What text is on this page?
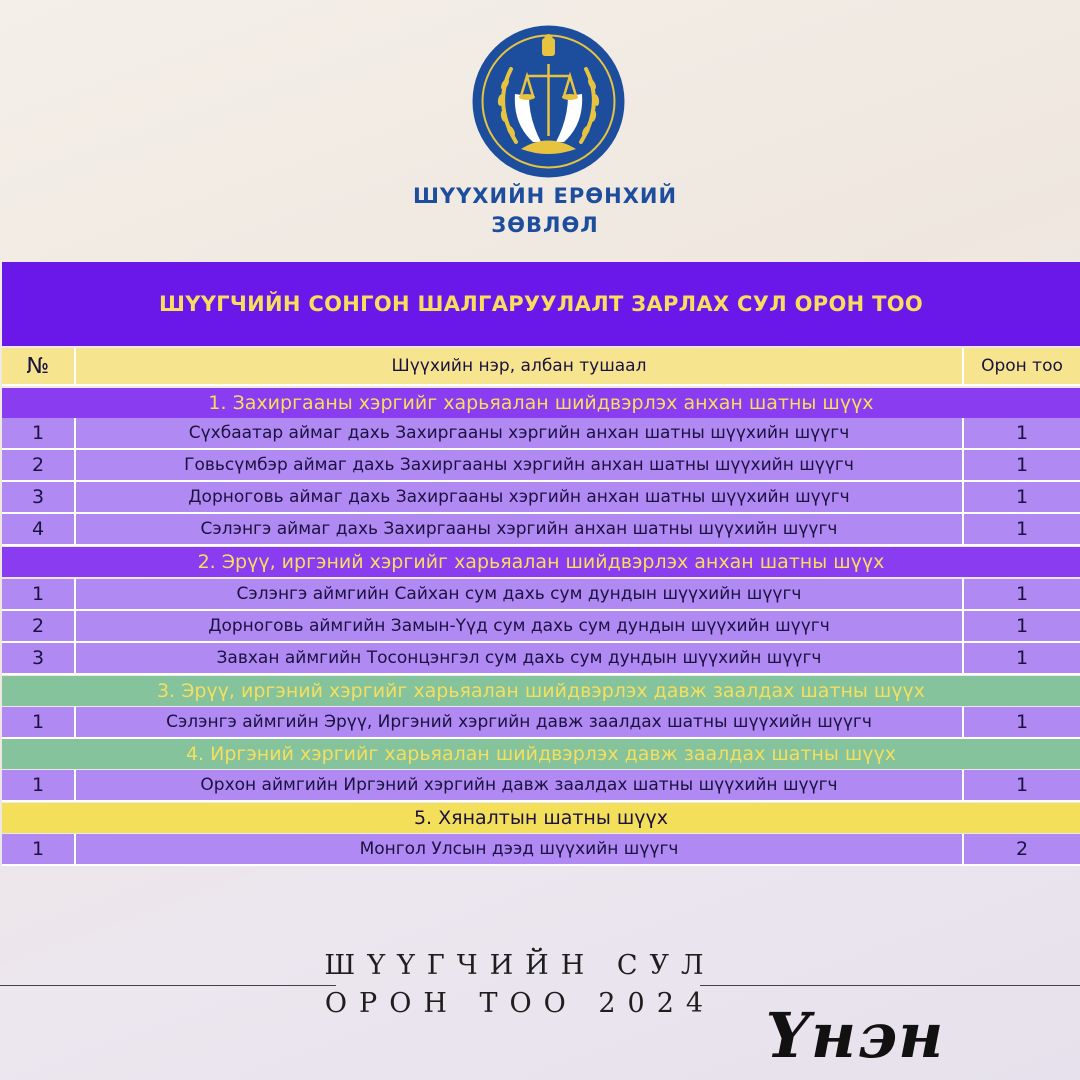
ШҮҮХИЙН ЕРӨНХИЙ
ЗӨВЛӨЛ
ШҮҮГЧИЙН СОНГОН ШАЛГАРУУЛАЛТ ЗАРЛАХ СУЛ ОРОН ТОО
№	Шүүхийн нэр, албан тушаал	Орон тоо
1. Захиргааны хэргийг харьяалан шийдвэрлэх анхан шатны шүүх
1	Сүхбаатар аймаг дахь Захиргааны хэргийн анхан шатны шүүхийн шүүгч	1
2	Говьсүмбэр аймаг дахь Захиргааны хэргийн анхан шатны шүүхийн шүүгч	1
3	Дорноговь аймаг дахь Захиргааны хэргийн анхан шатны шүүхийн шүүгч	1
4	Сэлэнгэ аймаг дахь Захиргааны хэргийн анхан шатны шүүхийн шүүгч	1
2. Эрүү, иргэний хэргийг харьяалан шийдвэрлэх анхан шатны шүүх
1	Сэлэнгэ аймгийн Сайхан сум дахь сум дундын шүүхийн шүүгч	1
2	Дорноговь аймгийн Замын-Үүд сум дахь сум дундын шүүхийн шүүгч	1
3	Завхан аймгийн Тосонцэнгэл сум дахь сум дундын шүүхийн шүүгч	1
3. Эрүү, иргэний хэргийг харьяалан шийдвэрлэх давж заалдах шатны шүүх
1	Сэлэнгэ аймгийн Эрүү, Иргэний хэргийн давж заалдах шатны шүүхийн шүүгч	1
4. Иргэний хэргийг харьяалан шийдвэрлэх давж заалдах шатны шүүх
1	Орхон аймгийн Иргэний хэргийн давж заалдах шатны шүүхийн шүүгч	1
5. Хяналтын шатны шүүх
1	Монгол Улсын дээд шүүхийн шүүгч	2
ШҮҮГЧИЙН СУЛ
ОРОН ТОО 2024 Үнэн
